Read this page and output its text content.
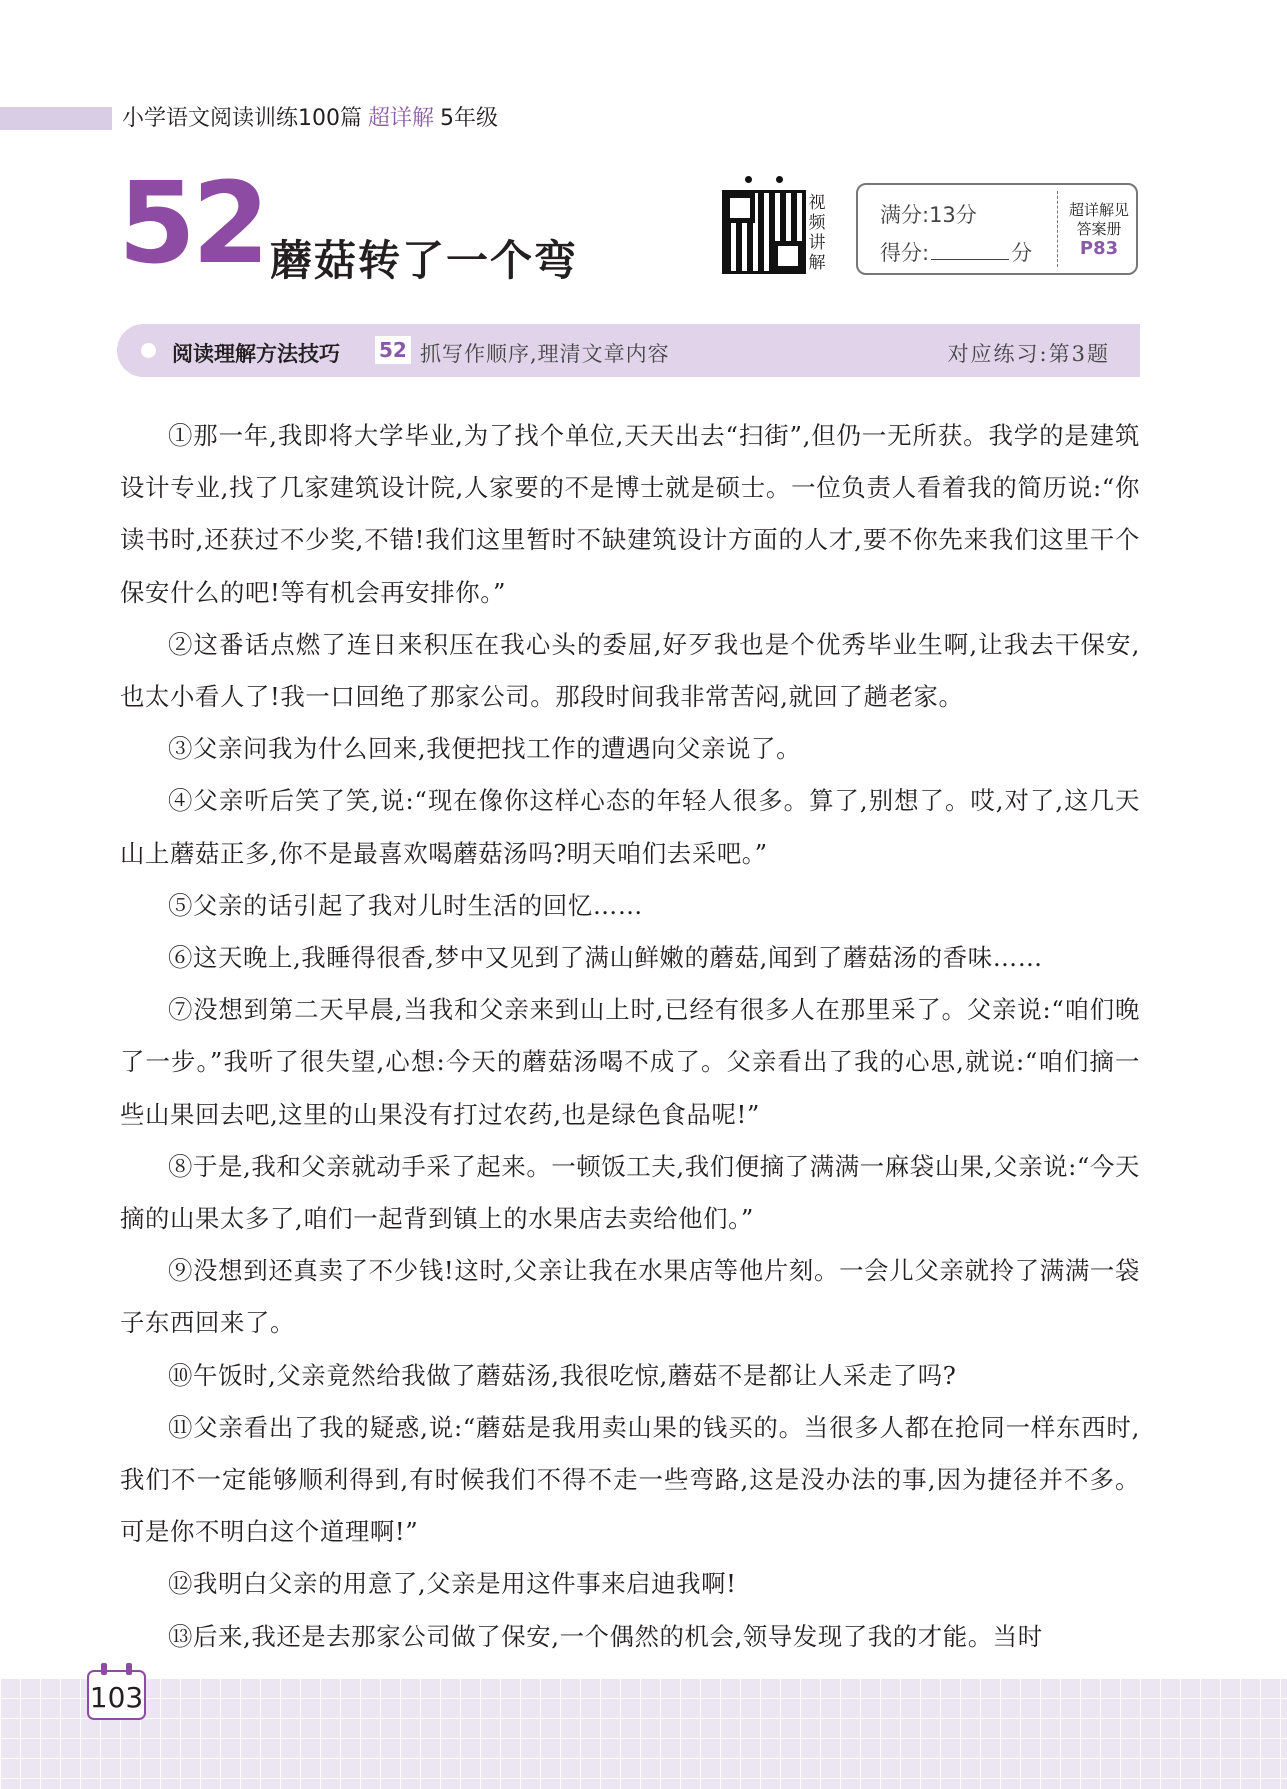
小学语文阅读训练100篇 超详解 5年级
52 蘑菇转了一个弯
视频讲解
满分:13分
得分:	分
超详解见
答案册
P83
阅读理解方法技巧 52 抓写作顺序,理清文章内容	对应练习:第3题

①那一年,我即将大学毕业,为了找个单位,天天出去“扫街”,但仍一无所获。我学的是建筑设计专业,找了几家建筑设计院,人家要的不是博士就是硕士。一位负责人看着我的简历说:“你读书时,还获过不少奖,不错!我们这里暂时不缺建筑设计方面的人才,要不你先来我们这里干个保安什么的吧!等有机会再安排你。”

②这番话点燃了连日来积压在我心头的委屈,好歹我也是个优秀毕业生啊,让我去干保安,也太小看人了!我一口回绝了那家公司。那段时间我非常苦闷,就回了趟老家。

③父亲问我为什么回来,我便把找工作的遭遇向父亲说了。

④父亲听后笑了笑,说:“现在像你这样心态的年轻人很多。算了,别想了。哎,对了,这几天山上蘑菇正多,你不是最喜欢喝蘑菇汤吗?明天咱们去采吧。”

⑤父亲的话引起了我对儿时生活的回忆……

⑥这天晚上,我睡得很香,梦中又见到了满山鲜嫩的蘑菇,闻到了蘑菇汤的香味……

⑦没想到第二天早晨,当我和父亲来到山上时,已经有很多人在那里采了。父亲说:“咱们晚了一步。”我听了很失望,心想:今天的蘑菇汤喝不成了。父亲看出了我的心思,就说:“咱们摘一些山果回去吧,这里的山果没有打过农药,也是绿色食品呢!”

⑧于是,我和父亲就动手采了起来。一顿饭工夫,我们便摘了满满一麻袋山果,父亲说:“今天摘的山果太多了,咱们一起背到镇上的水果店去卖给他们。”

⑨没想到还真卖了不少钱!这时,父亲让我在水果店等他片刻。一会儿父亲就拎了满满一袋子东西回来了。

⑩午饭时,父亲竟然给我做了蘑菇汤,我很吃惊,蘑菇不是都让人采走了吗?

⑪父亲看出了我的疑惑,说:“蘑菇是我用卖山果的钱买的。当很多人都在抢同一样东西时,我们不一定能够顺利得到,有时候我们不得不走一些弯路,这是没办法的事,因为捷径并不多。可是你不明白这个道理啊!”

⑫我明白父亲的用意了,父亲是用这件事来启迪我啊!

⑬后来,我还是去那家公司做了保安,一个偶然的机会,领导发现了我的才能。当时

103
